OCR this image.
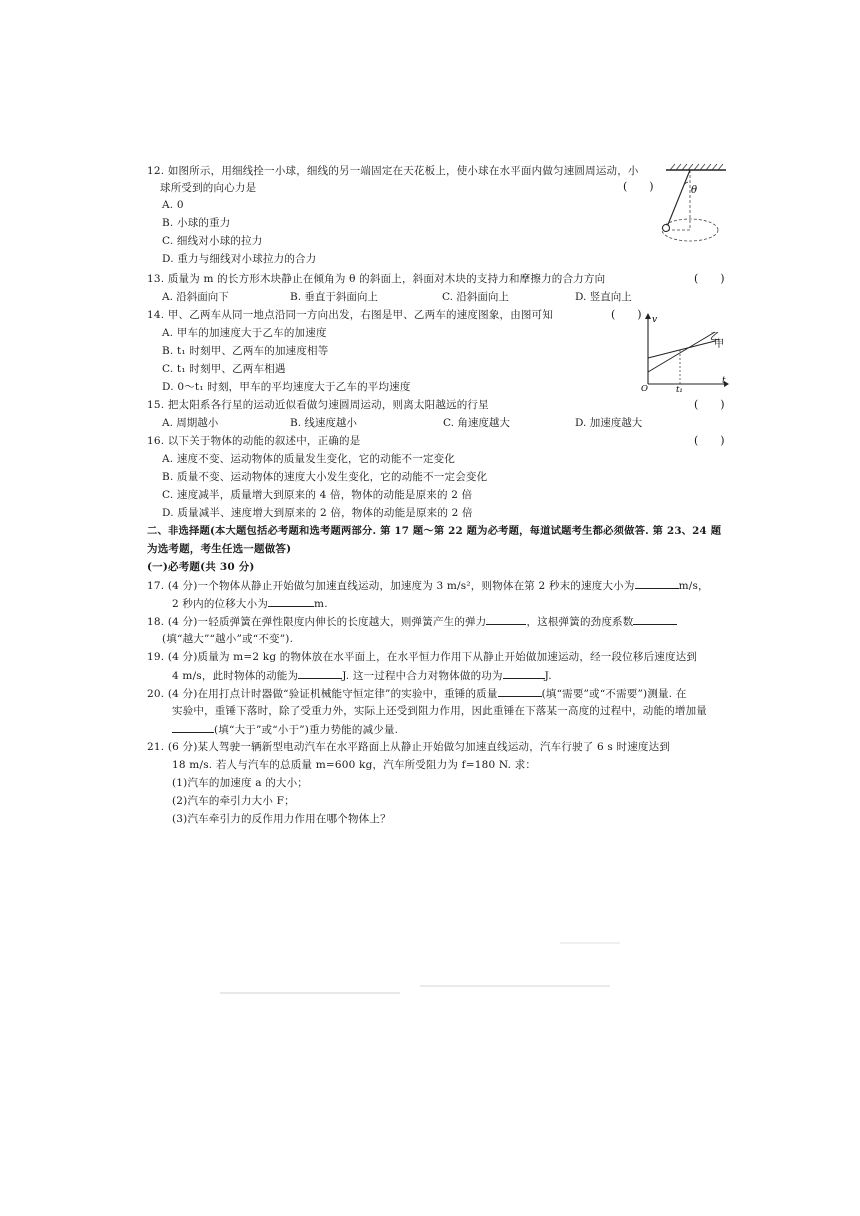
12. 如图所示，用细线拴一小球，细线的另一端固定在天花板上，使小球在水平面内做匀速圆周运动，小
球所受到的向心力是	(　　)
A. 0
B. 小球的重力
C. 细线对小球的拉力
D. 重力与细线对小球拉力的合力
θ
13. 质量为 m 的长方形木块静止在倾角为 θ 的斜面上，斜面对木块的支持力和摩擦力的合力方向	(　　)
A. 沿斜面向下	B. 垂直于斜面向上	C. 沿斜面向上	D. 竖直向上
14. 甲、乙两车从同一地点沿同一方向出发，右图是甲、乙两车的速度图象，由图可知	(　　)
A. 甲车的加速度大于乙车的加速度
B. t₁ 时刻甲、乙两车的加速度相等
C. t₁ 时刻甲、乙两车相遇
D. 0～t₁ 时刻，甲车的平均速度大于乙车的平均速度
v
t
O	t₁
乙
甲
15. 把太阳系各行星的运动近似看做匀速圆周运动，则离太阳越远的行星	(　　)
A. 周期越小	B. 线速度越小	C. 角速度越大	D. 加速度越大
16. 以下关于物体的动能的叙述中，正确的是	(　　)
A. 速度不变、运动物体的质量发生变化，它的动能不一定变化
B. 质量不变、运动物体的速度大小发生变化，它的动能不一定会变化
C. 速度减半，质量增大到原来的 4 倍，物体的动能是原来的 2 倍
D. 质量减半、速度增大到原来的 2 倍，物体的动能是原来的 2 倍
二、非选择题(本大题包括必考题和选考题两部分. 第 17 题～第 22 题为必考题，每道试题考生都必须做答. 第 23、24 题
为选考题，考生任选一题做答)
(一)必考题(共 30 分)
17. (4 分)一个物体从静止开始做匀加速直线运动，加速度为 3 m/s²，则物体在第 2 秒末的速度大小为	m/s，
2 秒内的位移大小为	m.
18. (4 分)一轻质弹簧在弹性限度内伸长的长度越大，则弹簧产生的弹力	，这根弹簧的劲度系数
(填“越大”“越小”或“不变”).
19. (4 分)质量为 m=2 kg 的物体放在水平面上，在水平恒力作用下从静止开始做加速运动，经一段位移后速度达到
4 m/s，此时物体的动能为	J. 这一过程中合力对物体做的功为	J.
20. (4 分)在用打点计时器做“验证机械能守恒定律”的实验中，重锤的质量	(填“需要”或“不需要”)测量. 在
实验中，重锤下落时，除了受重力外，实际上还受到阻力作用，因此重锤在下落某一高度的过程中，动能的增加量
(填“大于”或“小于”)重力势能的减少量.
21. (6 分)某人驾驶一辆新型电动汽车在水平路面上从静止开始做匀加速直线运动，汽车行驶了 6 s 时速度达到
18 m/s. 若人与汽车的总质量 m=600 kg，汽车所受阻力为 f=180 N. 求：
(1)汽车的加速度 a 的大小；
(2)汽车的牵引力大小 F；
(3)汽车牵引力的反作用力作用在哪个物体上？
